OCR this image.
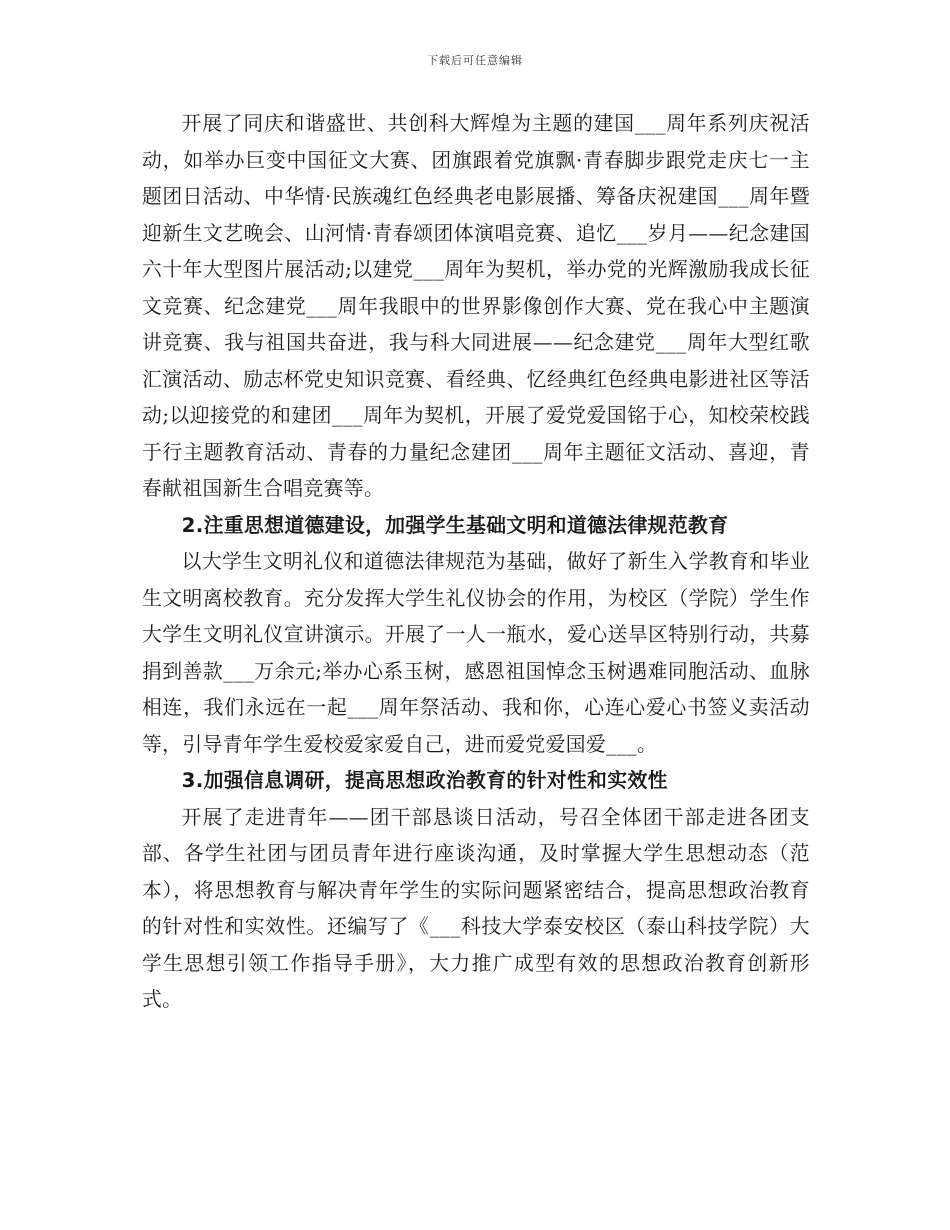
下载后可任意编辑

开展了同庆和谐盛世、共创科大辉煌为主题的建国___周年系列庆祝活动，如举办巨变中国征文大赛、团旗跟着党旗飘·青春脚步跟党走庆七一主题团日活动、中华情·民族魂红色经典老电影展播、筹备庆祝建国___周年暨迎新生文艺晚会、山河情·青春颂团体演唱竞赛、追忆___岁月——纪念建国六十年大型图片展活动;以建党___周年为契机，举办党的光辉激励我成长征文竞赛、纪念建党___周年我眼中的世界影像创作大赛、党在我心中主题演讲竞赛、我与祖国共奋进，我与科大同进展——纪念建党___周年大型红歌汇演活动、励志杯党史知识竞赛、看经典、忆经典红色经典电影进社区等活动;以迎接党的和建团___周年为契机，开展了爱党爱国铭于心，知校荣校践于行主题教育活动、青春的力量纪念建团___周年主题征文活动、喜迎，青春献祖国新生合唱竞赛等。

2.注重思想道德建设，加强学生基础文明和道德法律规范教育

以大学生文明礼仪和道德法律规范为基础，做好了新生入学教育和毕业生文明离校教育。充分发挥大学生礼仪协会的作用，为校区（学院）学生作大学生文明礼仪宣讲演示。开展了一人一瓶水，爱心送旱区特别行动，共募捐到善款___万余元;举办心系玉树，感恩祖国悼念玉树遇难同胞活动、血脉相连，我们永远在一起___周年祭活动、我和你，心连心爱心书签义卖活动等，引导青年学生爱校爱家爱自己，进而爱党爱国爱___。

3.加强信息调研，提高思想政治教育的针对性和实效性

开展了走进青年——团干部恳谈日活动，号召全体团干部走进各团支部、各学生社团与团员青年进行座谈沟通，及时掌握大学生思想动态（范本），将思想教育与解决青年学生的实际问题紧密结合，提高思想政治教育的针对性和实效性。还编写了《___科技大学泰安校区（泰山科技学院）大学生思想引领工作指导手册》，大力推广成型有效的思想政治教育创新形式。
